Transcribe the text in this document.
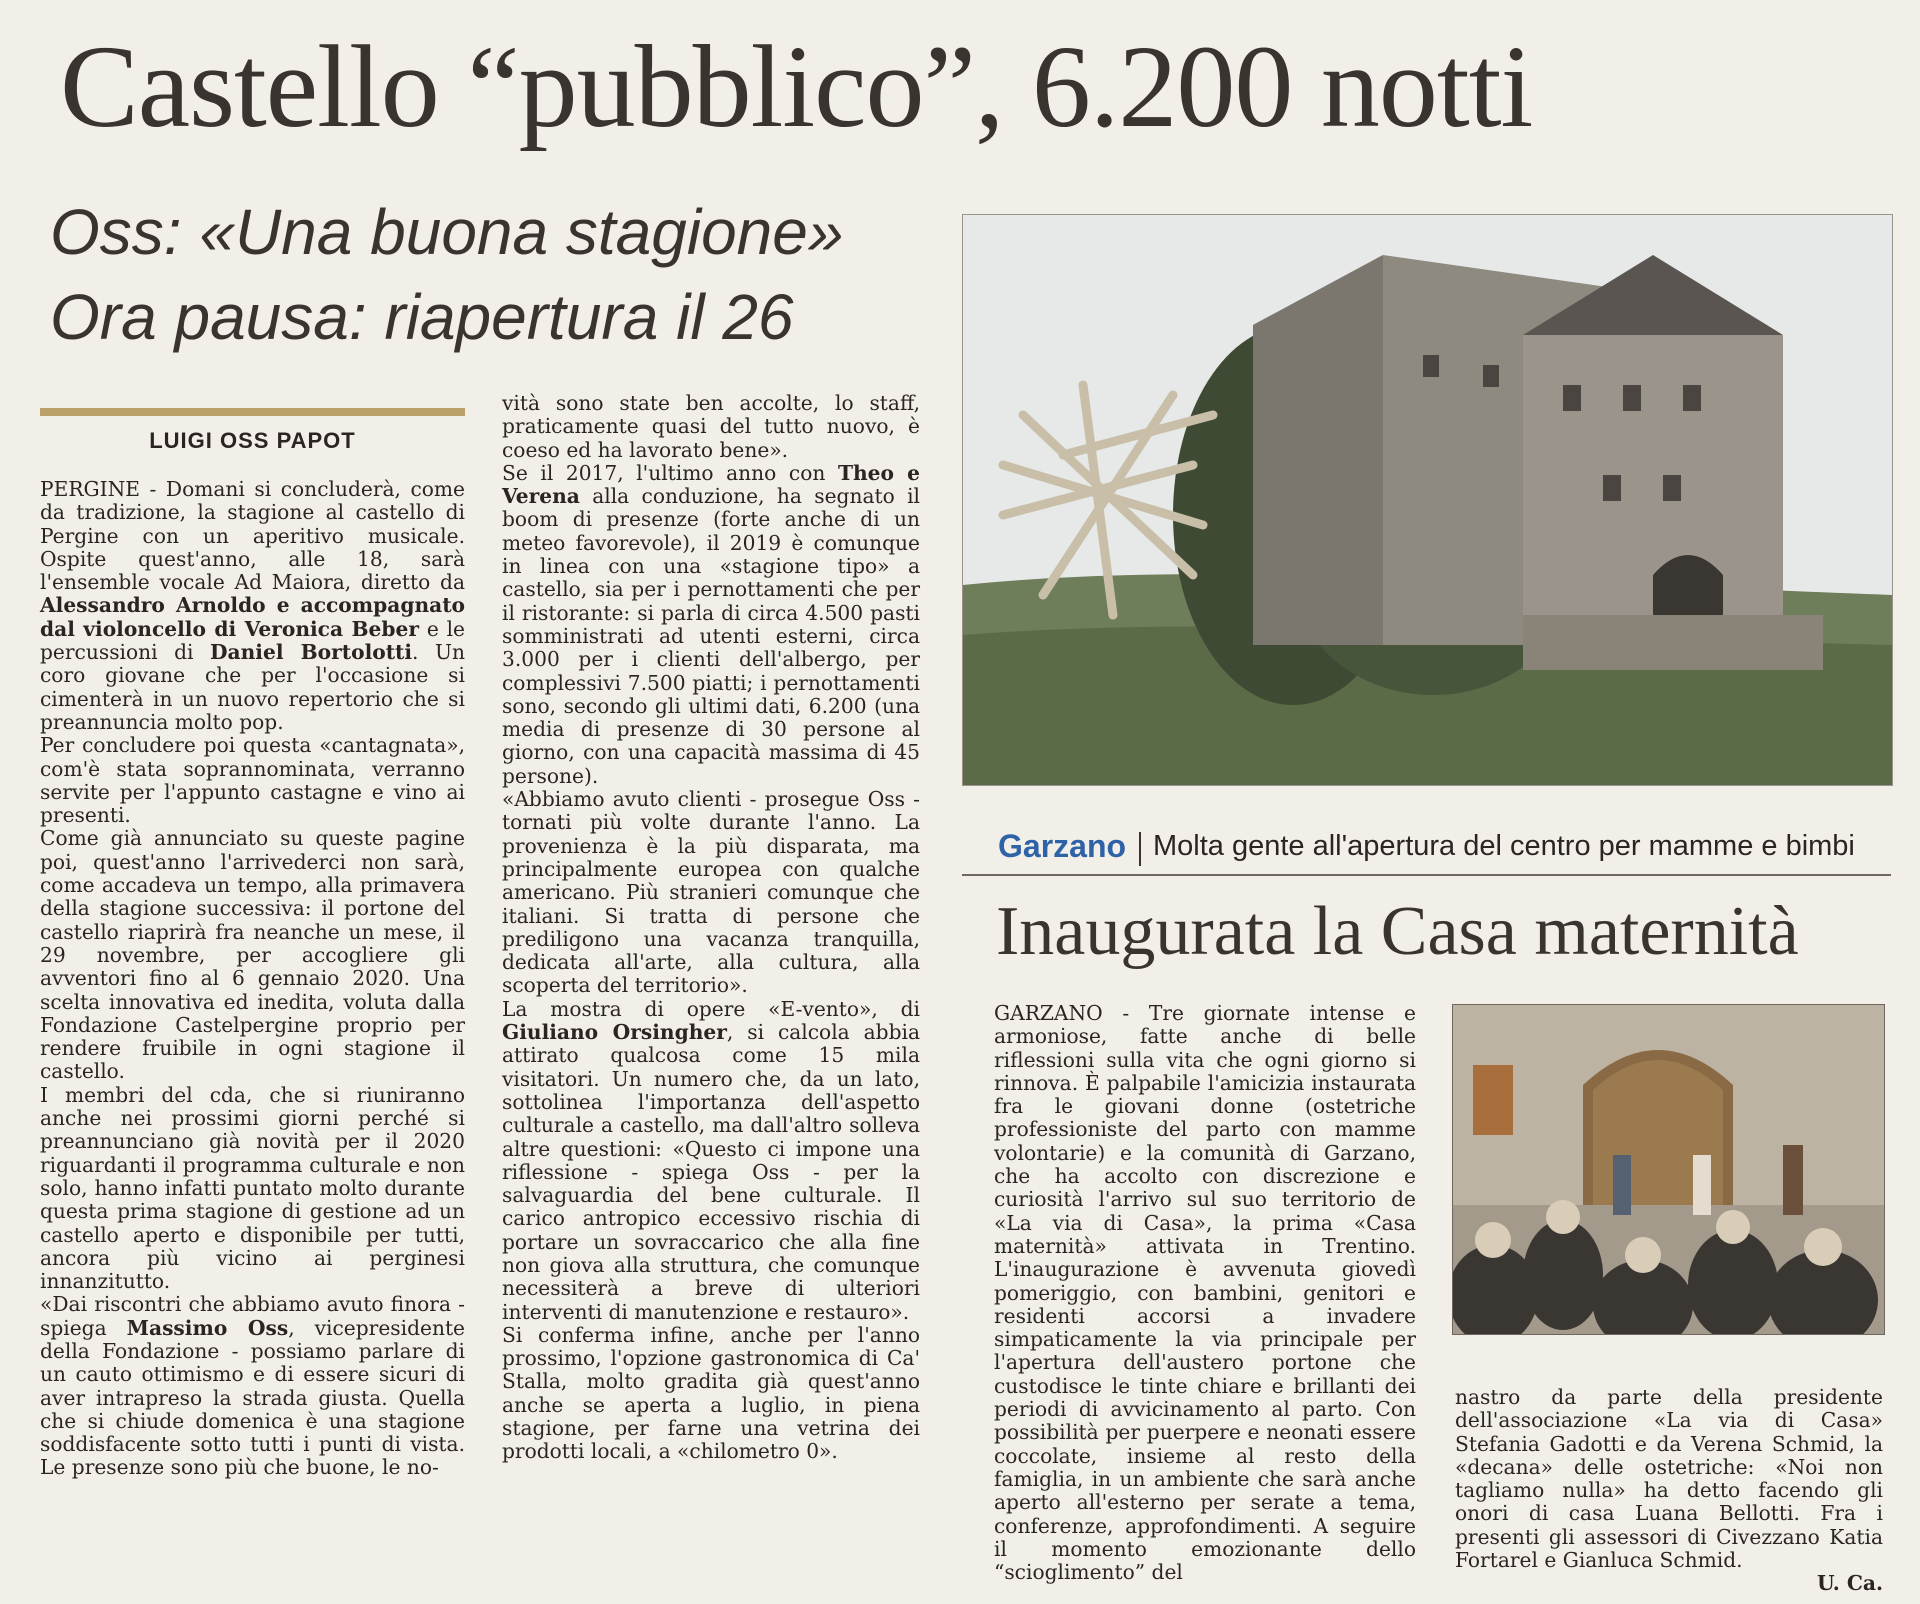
Castello “pubblico”, 6.200 notti
Oss: «Una buona stagione»
Ora pausa: riapertura il 26
LUIGI OSS PAPOT

PERGINE - Domani si concluderà, come da tradizione, la stagione al castello di Pergine con un aperitivo musicale. Ospite quest'anno, alle 18, sarà l'ensemble vocale Ad Maiora, diretto da Alessandro Arnoldo e accompagnato dal violoncello di Veronica Beber e le percussioni di Daniel Bortolotti. Un coro giovane che per l'occasione si cimenterà in un nuovo repertorio che si preannuncia molto pop.

Per concludere poi questa «cantagnata», com'è stata soprannominata, verranno servite per l'appunto castagne e vino ai presenti.

Come già annunciato su queste pagine poi, quest'anno l'arrivederci non sarà, come accadeva un tempo, alla primavera della stagione successiva: il portone del castello riaprirà fra neanche un mese, il 29 novembre, per accogliere gli avventori fino al 6 gennaio 2020. Una scelta innovativa ed inedita, voluta dalla Fondazione Castelpergine proprio per rendere fruibile in ogni stagione il castello.

I membri del cda, che si riuniranno anche nei prossimi giorni perché si preannunciano già novità per il 2020 riguardanti il programma culturale e non solo, hanno infatti puntato molto durante questa prima stagione di gestione ad un castello aperto e disponibile per tutti, ancora più vicino ai perginesi innanzitutto.

«Dai riscontri che abbiamo avuto finora - spiega Massimo Oss, vicepresidente della Fondazione - possiamo parlare di un cauto ottimismo e di essere sicuri di aver intrapreso la strada giusta. Quella che si chiude domenica è una stagione soddisfacente sotto tutti i punti di vista. Le presenze sono più che buone, le no-

vità sono state ben accolte, lo staff, praticamente quasi del tutto nuovo, è coeso ed ha lavorato bene».

Se il 2017, l'ultimo anno con Theo e Verena alla conduzione, ha segnato il boom di presenze (forte anche di un meteo favorevole), il 2019 è comunque in linea con una «stagione tipo» a castello, sia per i pernottamenti che per il ristorante: si parla di circa 4.500 pasti somministrati ad utenti esterni, circa 3.000 per i clienti dell'albergo, per complessivi 7.500 piatti; i pernottamenti sono, secondo gli ultimi dati, 6.200 (una media di presenze di 30 persone al giorno, con una capacità massima di 45 persone).

«Abbiamo avuto clienti - prosegue Oss - tornati più volte durante l'anno. La provenienza è la più disparata, ma principalmente europea con qualche americano. Più stranieri comunque che italiani. Si tratta di persone che prediligono una vacanza tranquilla, dedicata all'arte, alla cultura, alla scoperta del territorio».

La mostra di opere «E-vento», di Giuliano Orsingher, si calcola abbia attirato qualcosa come 15 mila visitatori. Un numero che, da un lato, sottolinea l'importanza dell'aspetto culturale a castello, ma dall'altro solleva altre questioni: «Questo ci impone una riflessione - spiega Oss - per la salvaguardia del bene culturale. Il carico antropico eccessivo rischia di portare un sovraccarico che alla fine non giova alla struttura, che comunque necessiterà a breve di ulteriori interventi di manutenzione e restauro».

Si conferma infine, anche per l'anno prossimo, l'opzione gastronomica di Ca' Stalla, molto gradita già quest'anno anche se aperta a luglio, in piena stagione, per farne una vetrina dei prodotti locali, a «chilometro 0».

Garzano Molta gente all'apertura del centro per mamme e bimbi
Inaugurata la Casa maternità

GARZANO - Tre giornate intense e armoniose, fatte anche di belle riflessioni sulla vita che ogni giorno si rinnova. È palpabile l'amicizia instaurata fra le giovani donne (ostetriche professioniste del parto con mamme volontarie) e la comunità di Garzano, che ha accolto con discrezione e curiosità l'arrivo sul suo territorio de «La via di Casa», la prima «Casa maternità» attivata in Trentino. L'inaugurazione è avvenuta giovedì pomeriggio, con bambini, genitori e residenti accorsi a invadere simpaticamente la via principale per l'apertura dell'austero portone che custodisce le tinte chiare e brillanti dei periodi di avvicinamento al parto. Con possibilità per puerpere e neonati essere coccolate, insieme al resto della famiglia, in un ambiente che sarà anche aperto all'esterno per serate a tema, conferenze, approfondimenti. A seguire il momento emozionante dello “scioglimento” del

nastro da parte della presidente dell'associazione «La via di Casa» Stefania Gadotti e da Verena Schmid, la «decana» delle ostetriche: «Noi non tagliamo nulla» ha detto facendo gli onori di casa Luana Bellotti. Fra i presenti gli assessori di Civezzano Katia Fortarel e Gianluca Schmid.

U. Ca.
